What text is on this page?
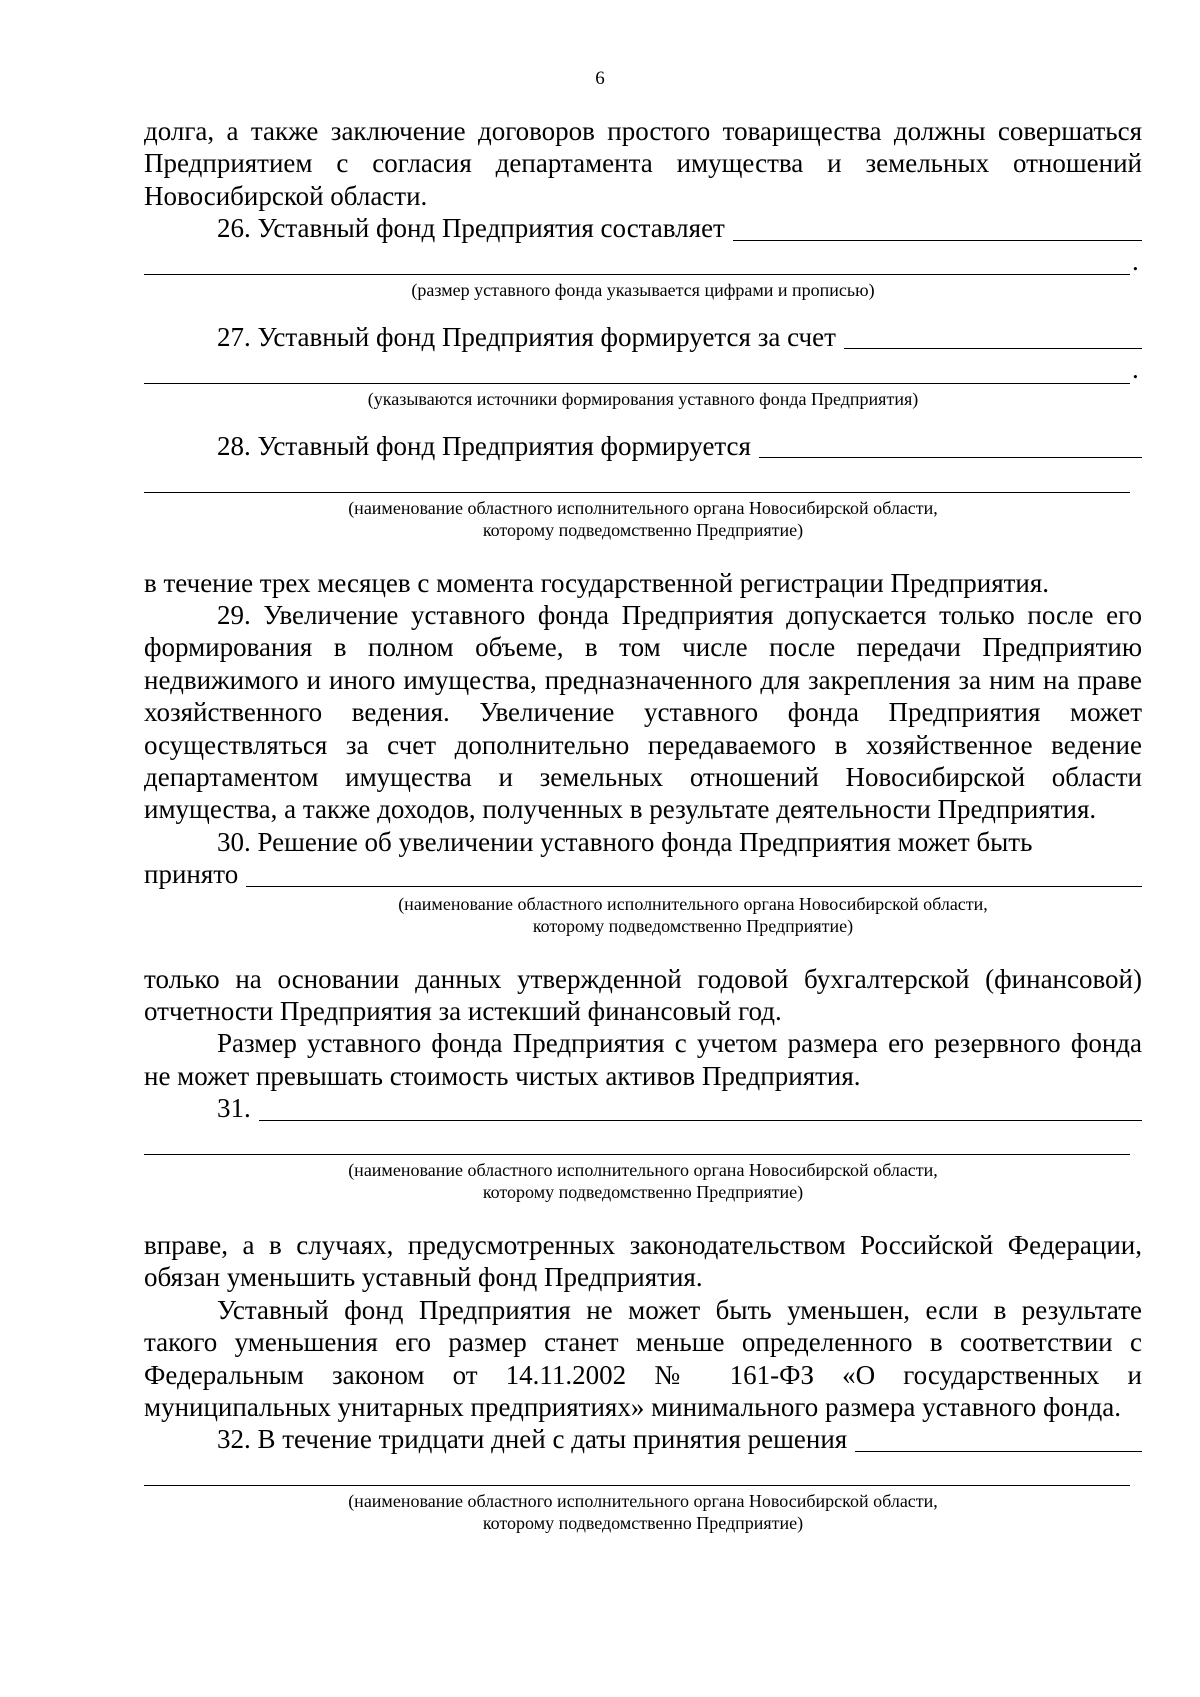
6

долга, а также заключение договоров простого товарищества должны совершаться Предприятием с согласия департамента имущества и земельных отношений Новосибирской области.

26. Уставный фонд Предприятия составляет
.

(размер уставного фонда указывается цифрами и прописью)

27. Уставный фонд Предприятия формируется за счет
.

(указываются источники формирования уставного фонда Предприятия)

28. Уставный фонд Предприятия формируется

(наименование областного исполнительного органа Новосибирской области,
которому подведомственно Предприятие)

в течение трех месяцев с момента государственной регистрации Предприятия.

29. Увеличение уставного фонда Предприятия допускается только после его формирования в полном объеме, в том числе после передачи Предприятию недвижимого и иного имущества, предназначенного для закрепления за ним на праве хозяйственного ведения. Увеличение уставного фонда Предприятия может осуществляться за счет дополнительно передаваемого в хозяйственное ведение департаментом имущества и земельных отношений Новосибирской области имущества, а также доходов, полученных в результате деятельности Предприятия.

30. Решение об увеличении уставного фонда Предприятия может быть

принято

(наименование областного исполнительного органа Новосибирской области,
которому подведомственно Предприятие)

только на основании данных утвержденной годовой бухгалтерской (финансовой) отчетности Предприятия за истекший финансовый год.

Размер уставного фонда Предприятия с учетом размера его резервного фонда не может превышать стоимость чистых активов Предприятия.

31.

(наименование областного исполнительного органа Новосибирской области,
которому подведомственно Предприятие)

вправе, а в случаях, предусмотренных законодательством Российской Федерации, обязан уменьшить уставный фонд Предприятия.

Уставный фонд Предприятия не может быть уменьшен, если в результате такого уменьшения его размер станет меньше определенного в соответствии с Федеральным законом от 14.11.2002 № 161-ФЗ «О государственных и муниципальных унитарных предприятиях» минимального размера уставного фонда.

32. В течение тридцати дней с даты принятия решения

(наименование областного исполнительного органа Новосибирской области,
которому подведомственно Предприятие)
